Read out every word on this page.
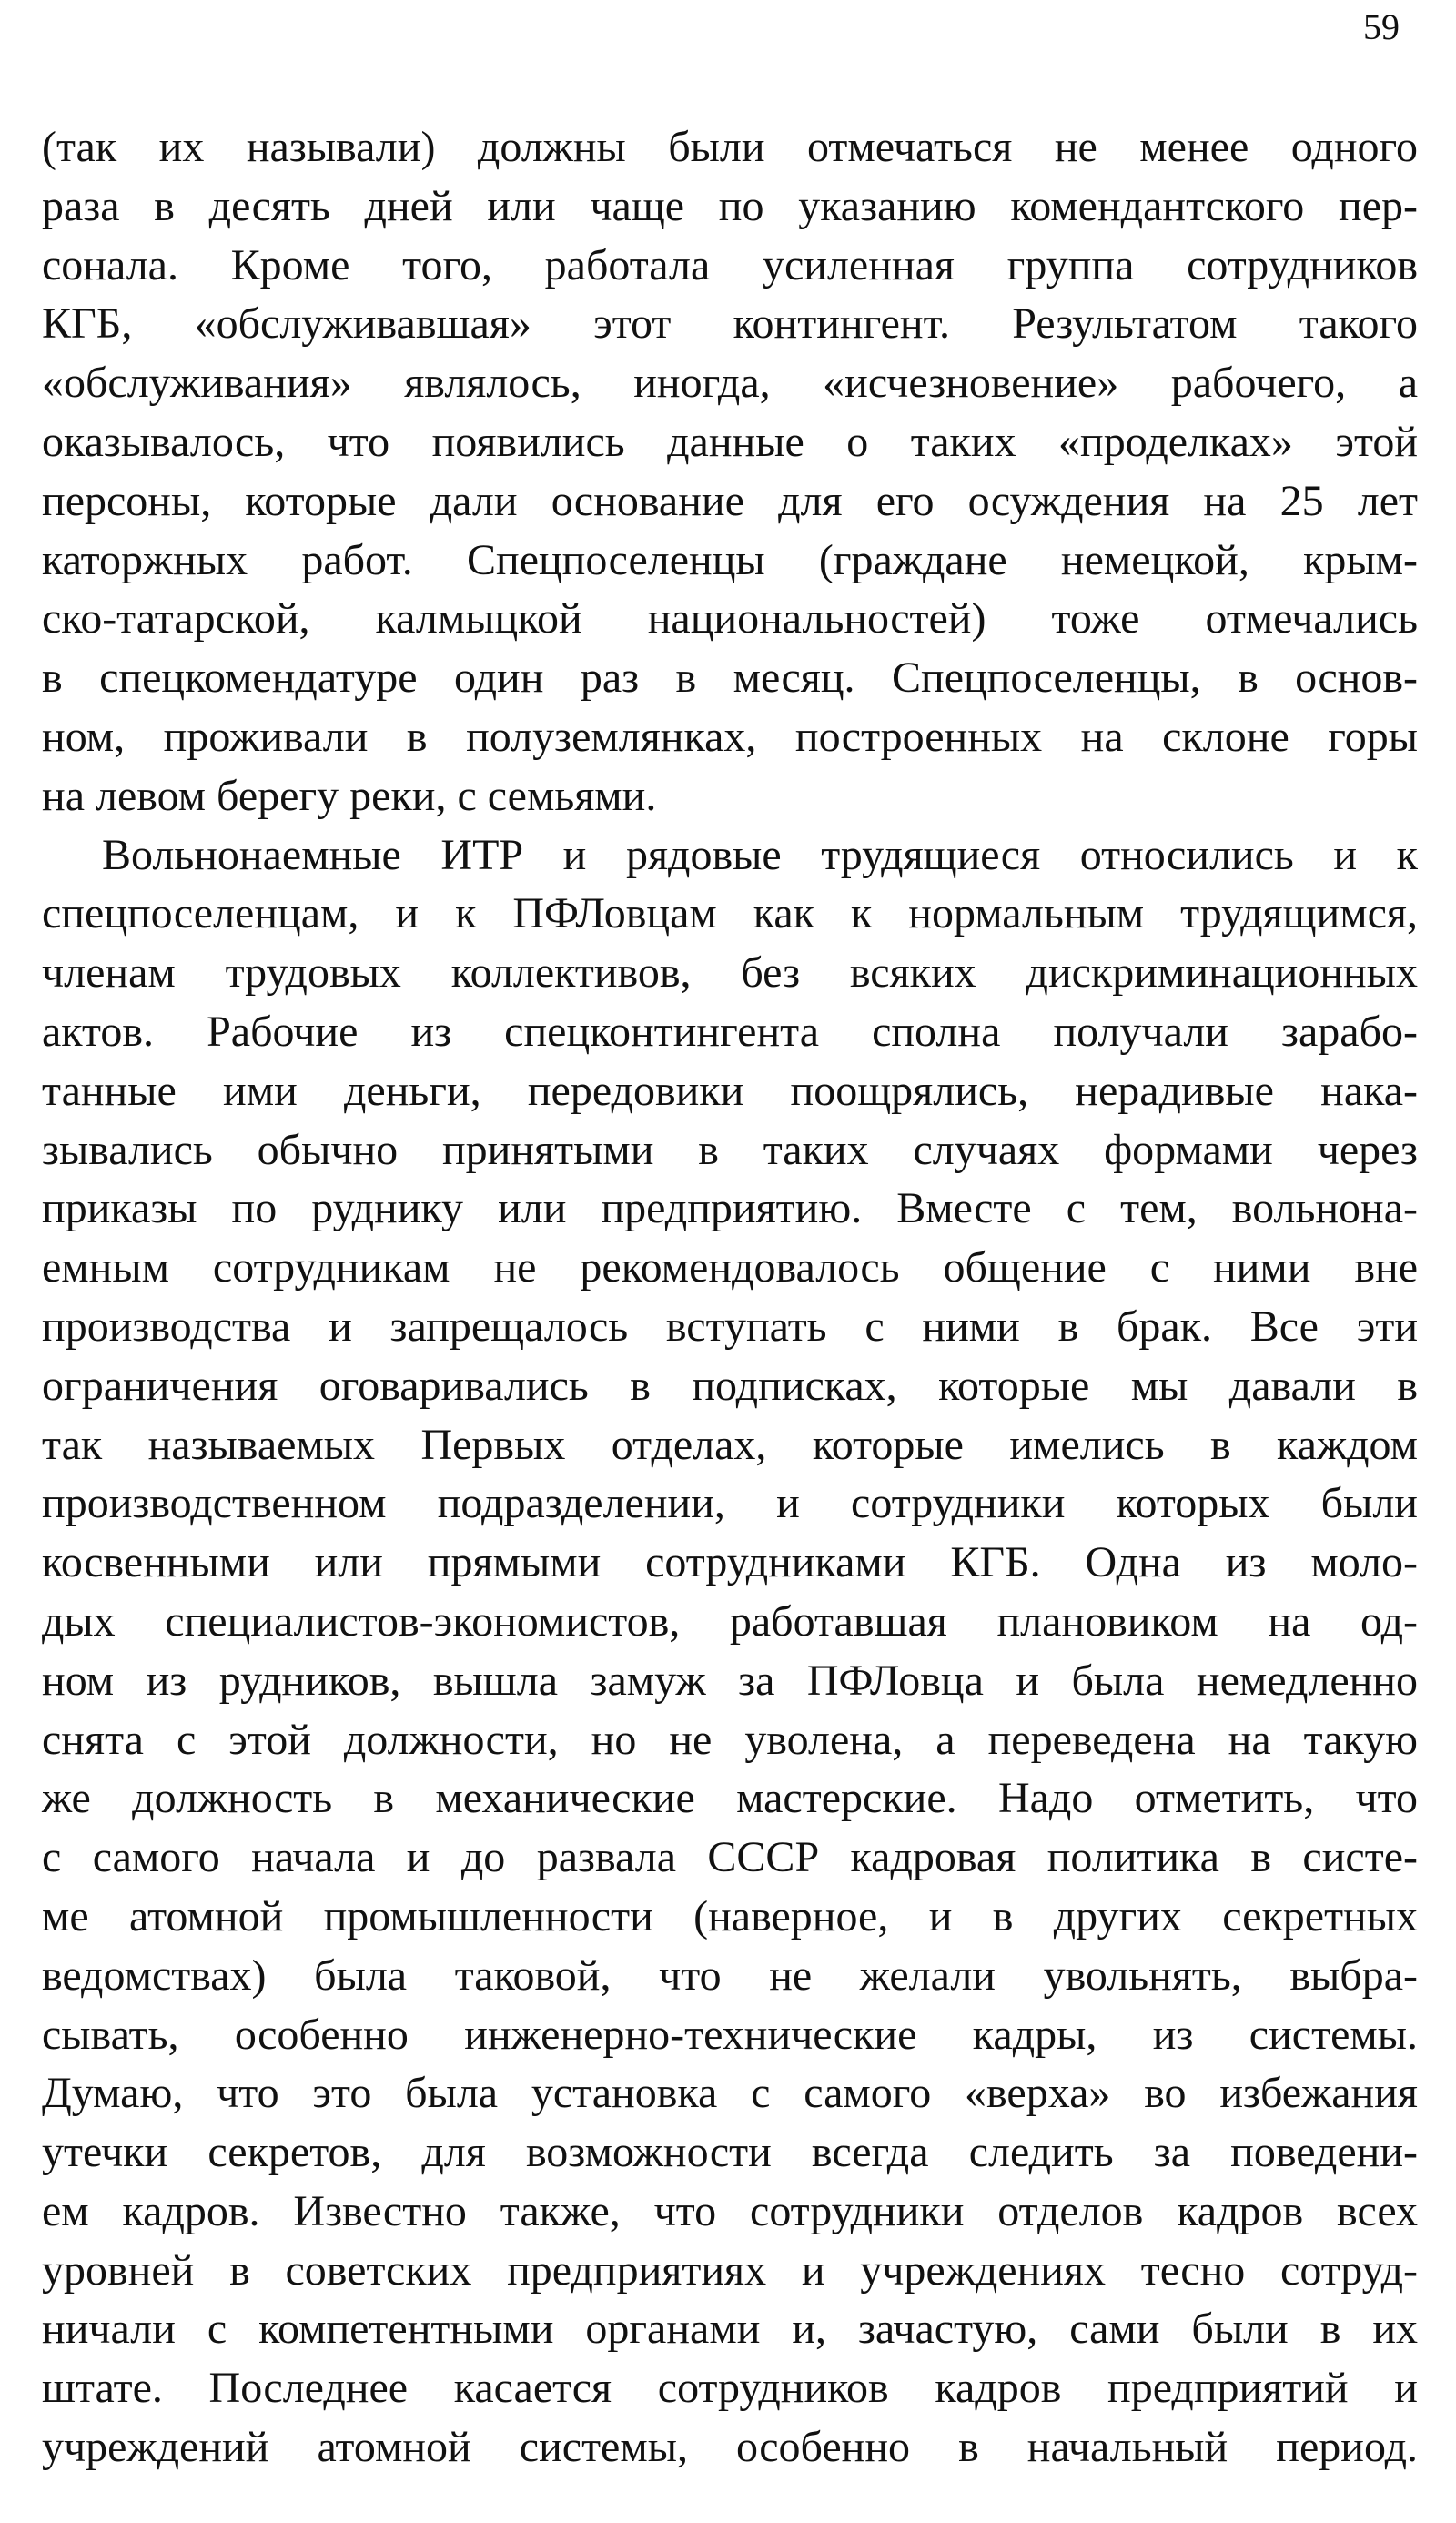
59
(так их называли) должны были отмечаться не менее одного
раза в десять дней или чаще по указанию комендантского пер-
сонала. Кроме того, работала усиленная группа сотрудников
КГБ, «обслуживавшая» этот контингент. Результатом такого
«обслуживания» являлось, иногда, «исчезновение» рабочего, а
оказывалось, что появились данные о таких «проделках» этой
персоны, которые дали основание для его осуждения на 25 лет
каторжных работ. Спецпоселенцы (граждане немецкой, крым-
ско-татарской, калмыцкой национальностей) тоже отмечались
в спецкомендатуре один раз в месяц. Спецпоселенцы, в основ-
ном, проживали в полуземлянках, построенных на склоне горы
на левом берегу реки, с семьями.
Вольнонаемные ИТР и рядовые трудящиеся относились и к
спецпоселенцам, и к ПФЛовцам как к нормальным трудящимся,
членам трудовых коллективов, без всяких дискриминационных
актов. Рабочие из спецконтингента сполна получали зарабо-
танные ими деньги, передовики поощрялись, нерадивые нака-
зывались обычно принятыми в таких случаях формами через
приказы по руднику или предприятию. Вместе с тем, вольнона-
емным сотрудникам не рекомендовалось общение с ними вне
производства и запрещалось вступать с ними в брак. Все эти
ограничения оговаривались в подписках, которые мы давали в
так называемых Первых отделах, которые имелись в каждом
производственном подразделении, и сотрудники которых были
косвенными или прямыми сотрудниками КГБ. Одна из моло-
дых специалистов-экономистов, работавшая плановиком на од-
ном из рудников, вышла замуж за ПФЛовца и была немедленно
снята с этой должности, но не уволена, а переведена на такую
же должность в механические мастерские. Надо отметить, что
с самого начала и до развала СССР кадровая политика в систе-
ме атомной промышленности (наверное, и в других секретных
ведомствах) была таковой, что не желали увольнять, выбра-
сывать, особенно инженерно-технические кадры, из системы.
Думаю, что это была установка с самого «верха» во избежания
утечки секретов, для возможности всегда следить за поведени-
ем кадров. Известно также, что сотрудники отделов кадров всех
уровней в советских предприятиях и учреждениях тесно сотруд-
ничали с компетентными органами и, зачастую, сами были в их
штате. Последнее касается сотрудников кадров предприятий и
учреждений атомной системы, особенно в начальный период.
